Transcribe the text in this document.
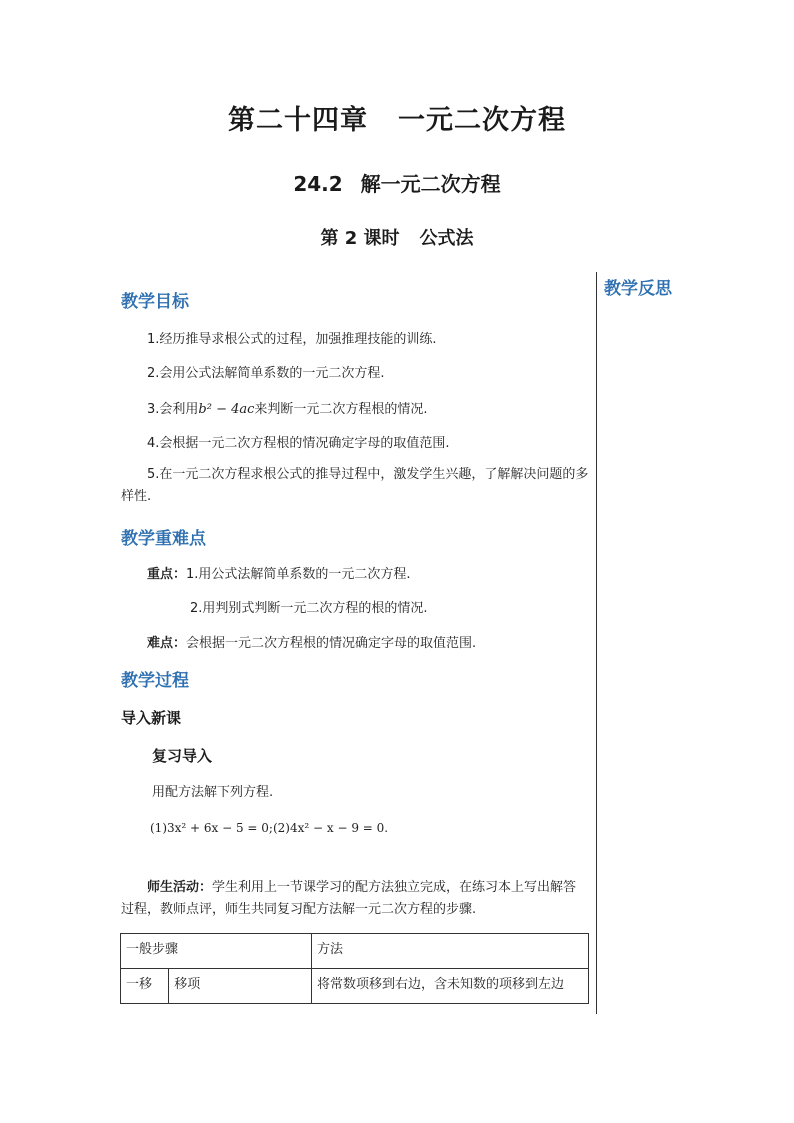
第二十四章 一元二次方程
24.2 解一元二次方程
第 2 课时 公式法
教学反思
教学目标
1.经历推导求根公式的过程，加强推理技能的训练.
2.会用公式法解简单系数的一元二次方程.
3.会利用b² − 4ac来判断一元二次方程根的情况.
4.会根据一元二次方程根的情况确定字母的取值范围.
5.在一元二次方程求根公式的推导过程中，激发学生兴趣，了解解决问题的多样性.
教学重难点
重点：1.用公式法解简单系数的一元二次方程.
2.用判别式判断一元二次方程的根的情况.
难点：会根据一元二次方程根的情况确定字母的取值范围.
教学过程
导入新课
复习导入
用配方法解下列方程.
(1)3x² + 6x − 5 = 0;(2)4x² − x − 9 = 0.
师生活动：学生利用上一节课学习的配方法独立完成，在练习本上写出解答过程，教师点评，师生共同复习配方法解一元二次方程的步骤.
一般步骤		方法
一移	移项	将常数项移到右边，含未知数的项移到左边
